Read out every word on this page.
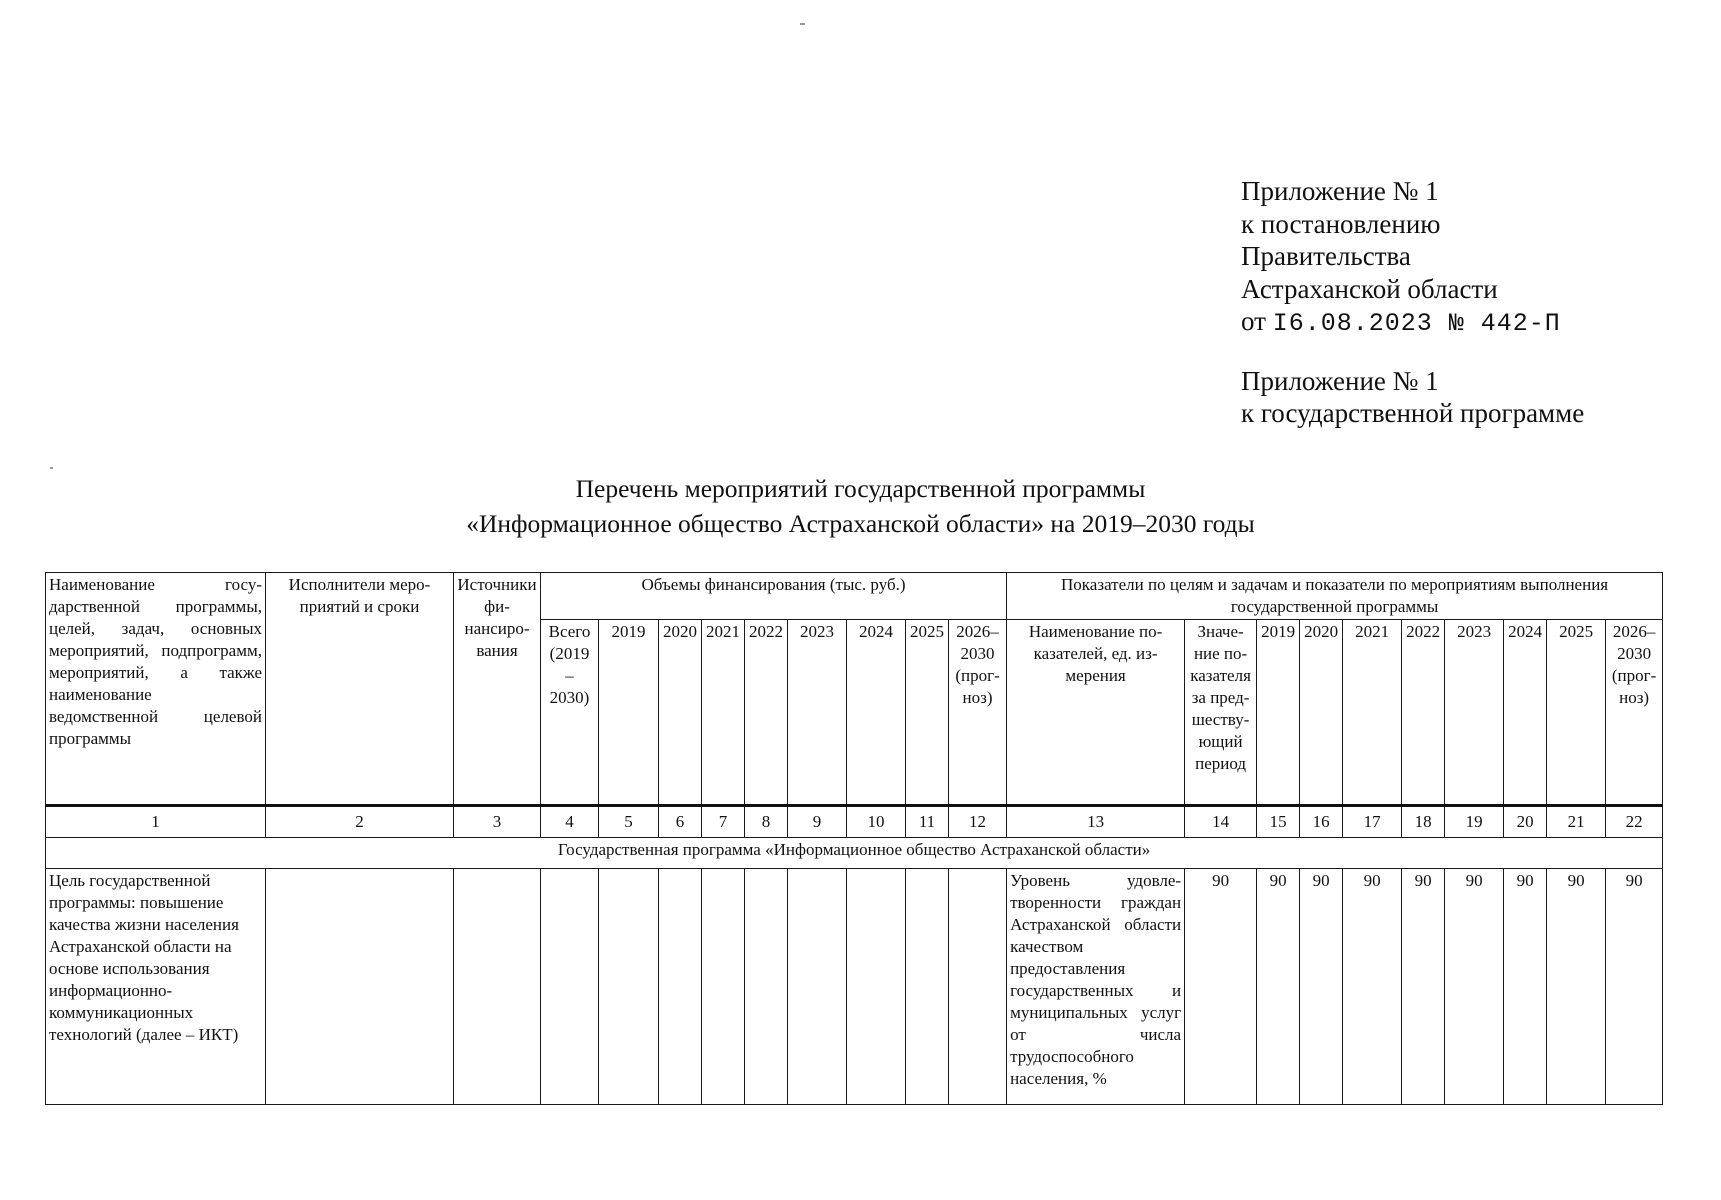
Приложение № 1
к постановлению
Правительства
Астраханской области
от I6.08.2023 № 442-П
Приложение № 1
к государственной программе
Перечень мероприятий государственной программы
«Информационное общество Астраханской области» на 2019–2030 годы
Наименование государственной программы, целей, задач, основных мероприятий, подпрограмм, мероприятий, а также наименование ведомственной целевой программы	Исполнители мероприятий и сроки	Источники финансирования	Объемы финансирования (тыс. руб.)									Показатели по целям и задачам и показатели по мероприятиям выполнения государственной программы									
			Всего (2019 – 2030)	2019	2020	2021	2022	2023	2024	2025	2026–2030 (прогноз)	Наименование показателей, ед. измерения	Значение показателя за предшествующий период	2019	2020	2021	2022	2023	2024	2025	2026–2030 (прогноз)
1	2	3	4	5	6	7	8	9	10	11	12	13	14	15	16	17	18	19	20	21	22
Государственная программа «Информационное общество Астраханской области»																					
Цель государственной программы: повышение качества жизни населения Астраханской области на основе использования информационно-коммуникационных технологий (далее – ИКТ)												Уровень удовлетворенности граждан Астраханской области качеством предоставления государственных и муниципальных услуг от числа трудоспособного населения, %	90	90	90	90	90	90	90	90	90
